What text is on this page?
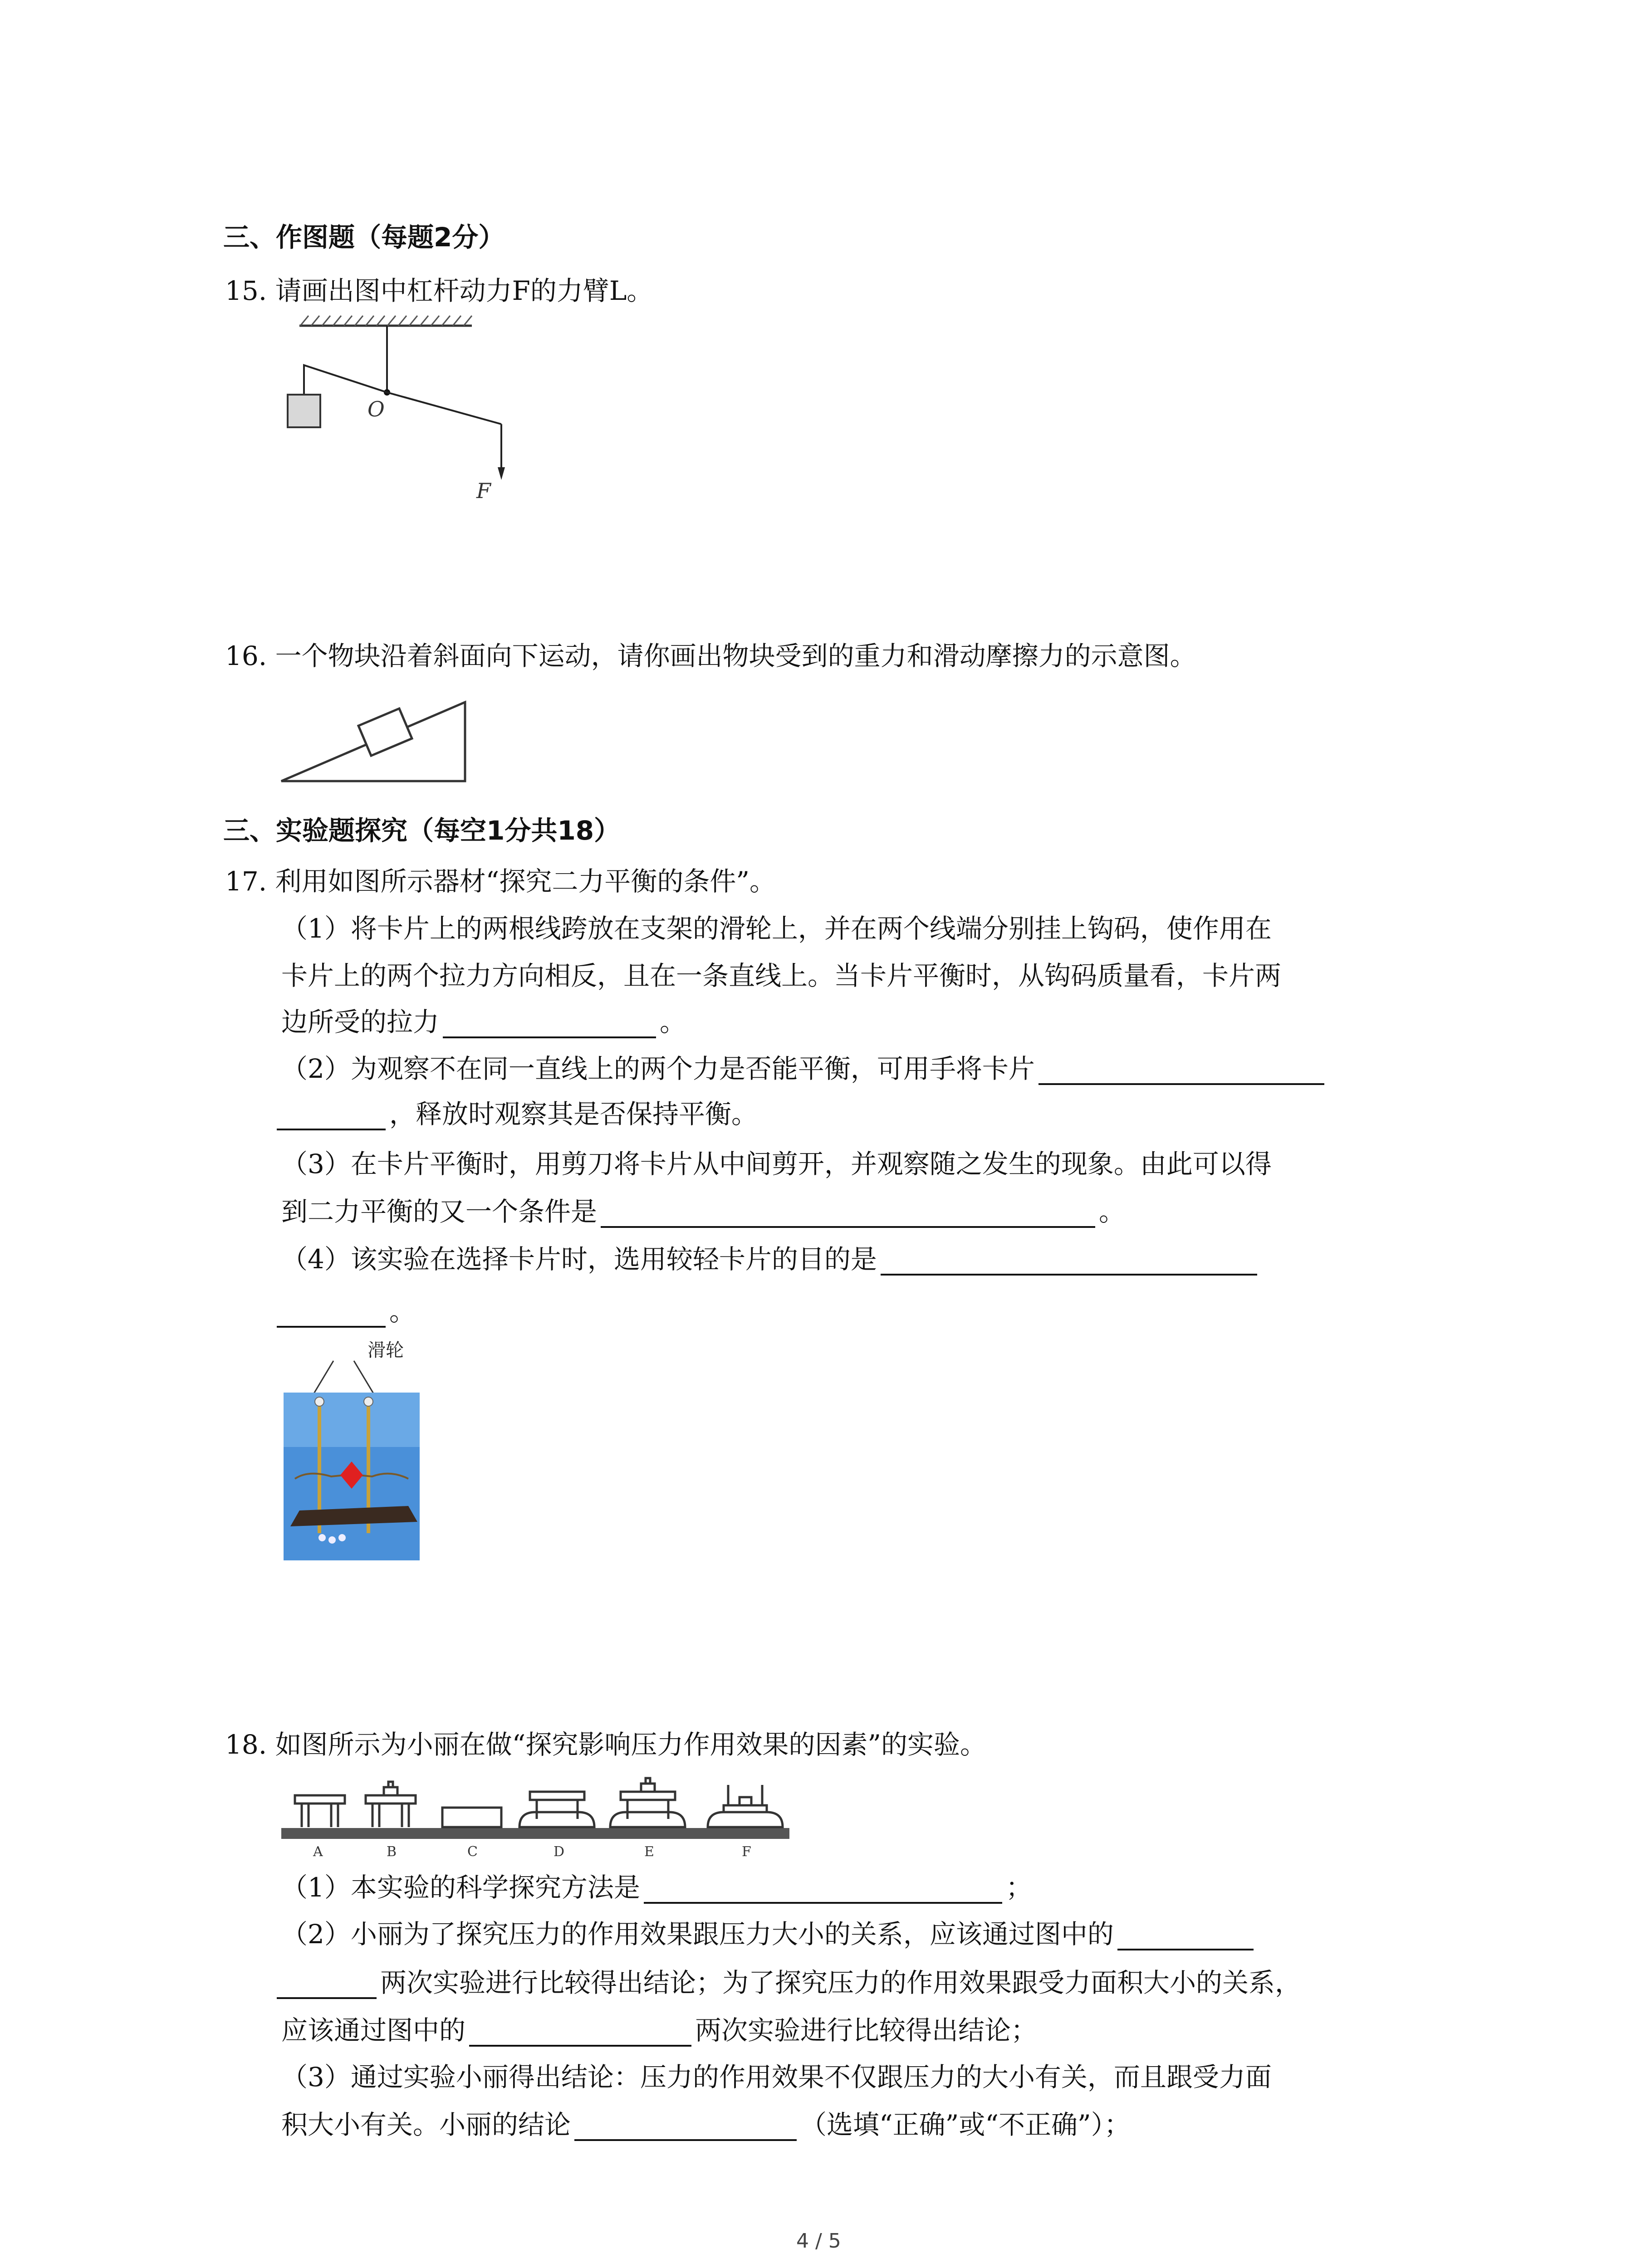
三、作图题（每题2分）
15. 请画出图中杠杆动力F的力臂L。
O
F
16. 一个物块沿着斜面向下运动，请你画出物块受到的重力和滑动摩擦力的示意图。
三、实验题探究（每空1分共18）
17. 利用如图所示器材“探究二力平衡的条件”。
（1）将卡片上的两根线跨放在支架的滑轮上，并在两个线端分别挂上钩码，使作用在
卡片上的两个拉力方向相反，且在一条直线上。当卡片平衡时，从钩码质量看，卡片两
边所受的拉力	。
（2）为观察不在同一直线上的两个力是否能平衡，可用手将卡片
，释放时观察其是否保持平衡。
（3）在卡片平衡时，用剪刀将卡片从中间剪开，并观察随之发生的现象。由此可以得
到二力平衡的又一个条件是	。
（4）该实验在选择卡片时，选用较轻卡片的目的是
。
滑轮
18. 如图所示为小丽在做“探究影响压力作用效果的因素”的实验。
A	B	C	D	E	F
（1）本实验的科学探究方法是	；
（2）小丽为了探究压力的作用效果跟压力大小的关系，应该通过图中的
两次实验进行比较得出结论；为了探究压力的作用效果跟受力面积大小的关系，
应该通过图中的	两次实验进行比较得出结论；
（3）通过实验小丽得出结论：压力的作用效果不仅跟压力的大小有关，而且跟受力面
积大小有关。小丽的结论	（选填“正确”或“不正确”）；
4 / 5
